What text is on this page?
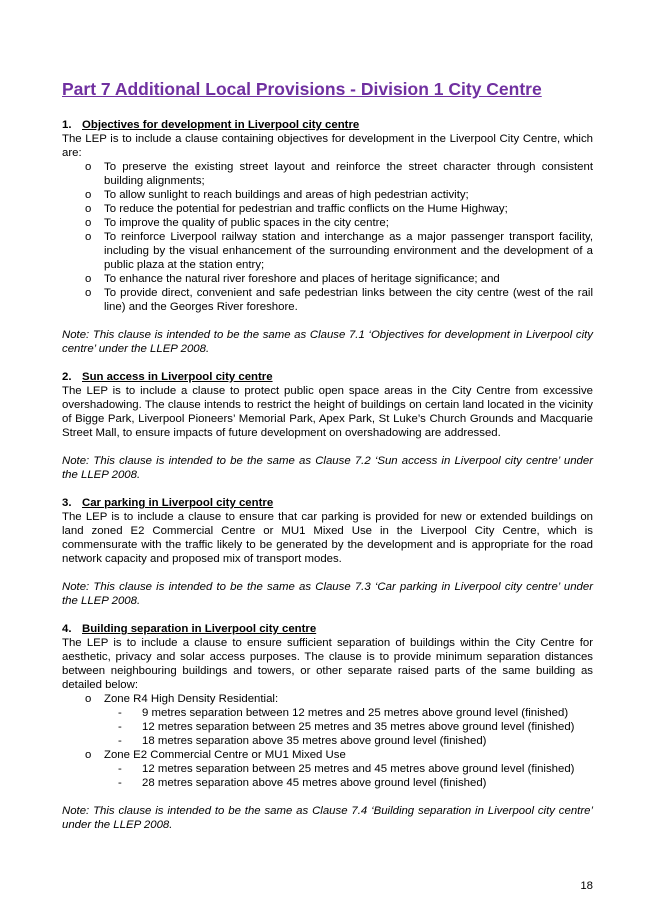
Part 7 Additional Local Provisions - Division 1 City Centre
1. Objectives for development in Liverpool city centre

The LEP is to include a clause containing objectives for development in the Liverpool City Centre, which are:

o To preserve the existing street layout and reinforce the street character through consistent building alignments;
o To allow sunlight to reach buildings and areas of high pedestrian activity;
o To reduce the potential for pedestrian and traffic conflicts on the Hume Highway;
o To improve the quality of public spaces in the city centre;
o To reinforce Liverpool railway station and interchange as a major passenger transport facility, including by the visual enhancement of the surrounding environment and the development of a public plaza at the station entry;
o To enhance the natural river foreshore and places of heritage significance; and
o To provide direct, convenient and safe pedestrian links between the city centre (west of the rail line) and the Georges River foreshore.

Note: This clause is intended to be the same as Clause 7.1 ‘Objectives for development in Liverpool city centre’ under the LLEP 2008.

2. Sun access in Liverpool city centre

The LEP is to include a clause to protect public open space areas in the City Centre from excessive overshadowing. The clause intends to restrict the height of buildings on certain land located in the vicinity of Bigge Park, Liverpool Pioneers’ Memorial Park, Apex Park, St Luke’s Church Grounds and Macquarie Street Mall, to ensure impacts of future development on overshadowing are addressed.

Note: This clause is intended to be the same as Clause 7.2 ‘Sun access in Liverpool city centre’ under the LLEP 2008.

3. Car parking in Liverpool city centre

The LEP is to include a clause to ensure that car parking is provided for new or extended buildings on land zoned E2 Commercial Centre or MU1 Mixed Use in the Liverpool City Centre, which is commensurate with the traffic likely to be generated by the development and is appropriate for the road network capacity and proposed mix of transport modes.

Note: This clause is intended to be the same as Clause 7.3 ‘Car parking in Liverpool city centre’ under the LLEP 2008.

4. Building separation in Liverpool city centre

The LEP is to include a clause to ensure sufficient separation of buildings within the City Centre for aesthetic, privacy and solar access purposes. The clause is to provide minimum separation distances between neighbouring buildings and towers, or other separate raised parts of the same building as detailed below:

o Zone R4 High Density Residential:
- 9 metres separation between 12 metres and 25 metres above ground level (finished)
- 12 metres separation between 25 metres and 35 metres above ground level (finished)
- 18 metres separation above 35 metres above ground level (finished)
o Zone E2 Commercial Centre or MU1 Mixed Use
- 12 metres separation between 25 metres and 45 metres above ground level (finished)
- 28 metres separation above 45 metres above ground level (finished)

Note: This clause is intended to be the same as Clause 7.4 ‘Building separation in Liverpool city centre’ under the LLEP 2008.

18
